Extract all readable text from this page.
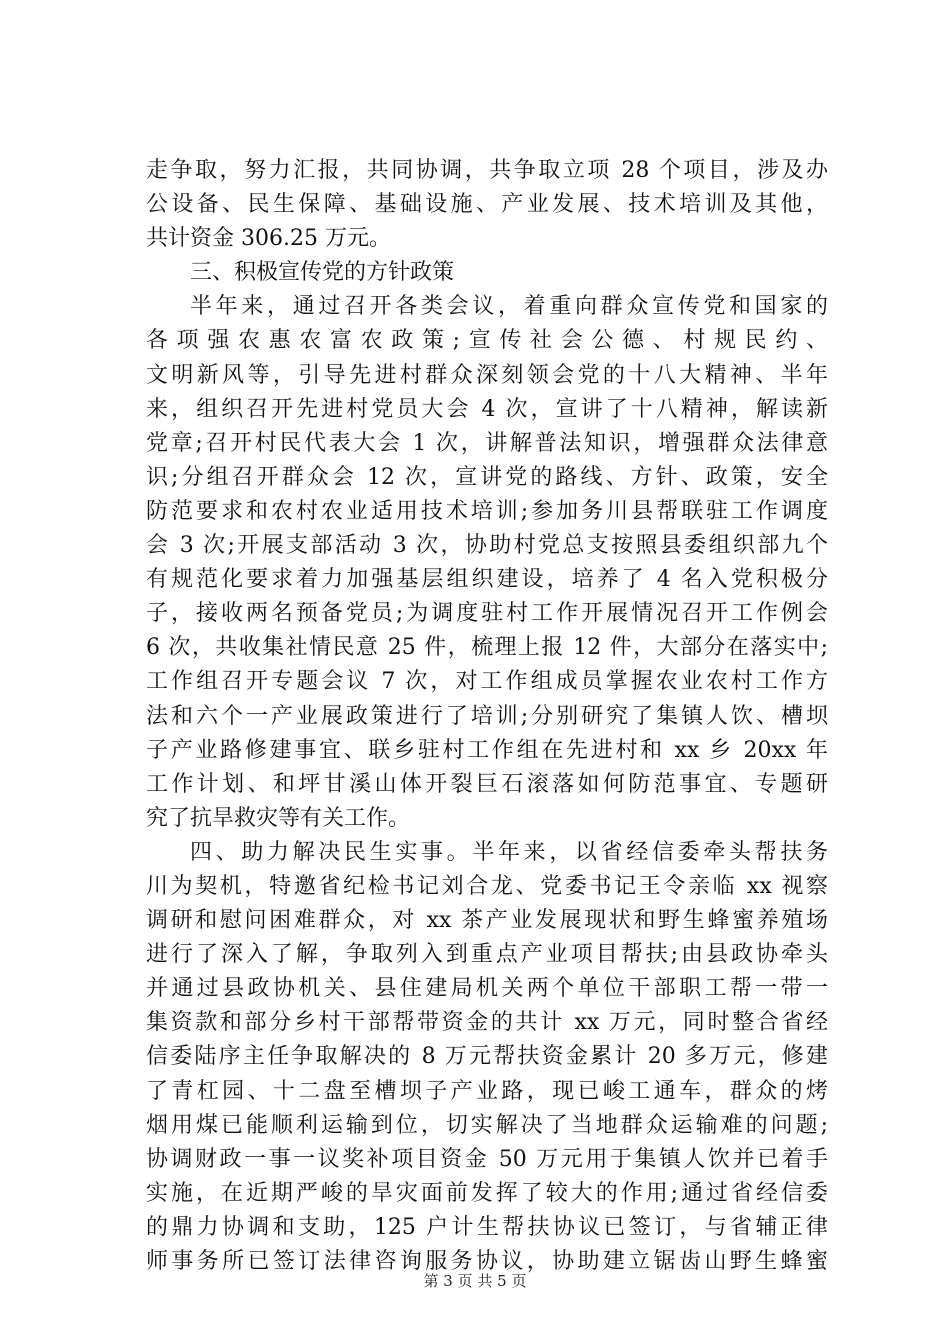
走争取，努力汇报，共同协调，共争取立项 28 个项目，涉及办
公设备、民生保障、基础设施、产业发展、技术培训及其他，
共计资金 306.25 万元。
三、积极宣传党的方针政策
半年来，通过召开各类会议，着重向群众宣传党和国家的
各项强农惠农富农政策;宣传社会公德、村规民约、
文明新风等，引导先进村群众深刻领会党的十八大精神、半年
来，组织召开先进村党员大会 4 次，宣讲了十八精神，解读新
党章;召开村民代表大会 1 次，讲解普法知识，增强群众法律意
识;分组召开群众会 12 次，宣讲党的路线、方针、政策，安全
防范要求和农村农业适用技术培训;参加务川县帮联驻工作调度
会 3 次;开展支部活动 3 次，协助村党总支按照县委组织部九个
有规范化要求着力加强基层组织建设，培养了 4 名入党积极分
子，接收两名预备党员;为调度驻村工作开展情况召开工作例会
6 次，共收集社情民意 25 件，梳理上报 12 件，大部分在落实中;
工作组召开专题会议 7 次，对工作组成员掌握农业农村工作方
法和六个一产业展政策进行了培训;分别研究了集镇人饮、槽坝
子产业路修建事宜、联乡驻村工作组在先进村和 xx 乡 20xx 年
工作计划、和坪甘溪山体开裂巨石滚落如何防范事宜、专题研
究了抗旱救灾等有关工作。
四、助力解决民生实事。半年来，以省经信委牵头帮扶务
川为契机，特邀省纪检书记刘合龙、党委书记王令亲临 xx 视察
调研和慰问困难群众，对 xx 茶产业发展现状和野生蜂蜜养殖场
进行了深入了解，争取列入到重点产业项目帮扶;由县政协牵头
并通过县政协机关、县住建局机关两个单位干部职工帮一带一
集资款和部分乡村干部帮带资金的共计 xx 万元，同时整合省经
信委陆序主任争取解决的 8 万元帮扶资金累计 20 多万元，修建
了青杠园、十二盘至槽坝子产业路，现已峻工通车，群众的烤
烟用煤已能顺利运输到位，切实解决了当地群众运输难的问题;
协调财政一事一议奖补项目资金 50 万元用于集镇人饮并已着手
实施，在近期严峻的旱灾面前发挥了较大的作用;通过省经信委
的鼎力协调和支助，125 户计生帮扶协议已签订，与省辅正律
师事务所已签订法律咨询服务协议，协助建立锯齿山野生蜂蜜
第 3 页 共 5 页
